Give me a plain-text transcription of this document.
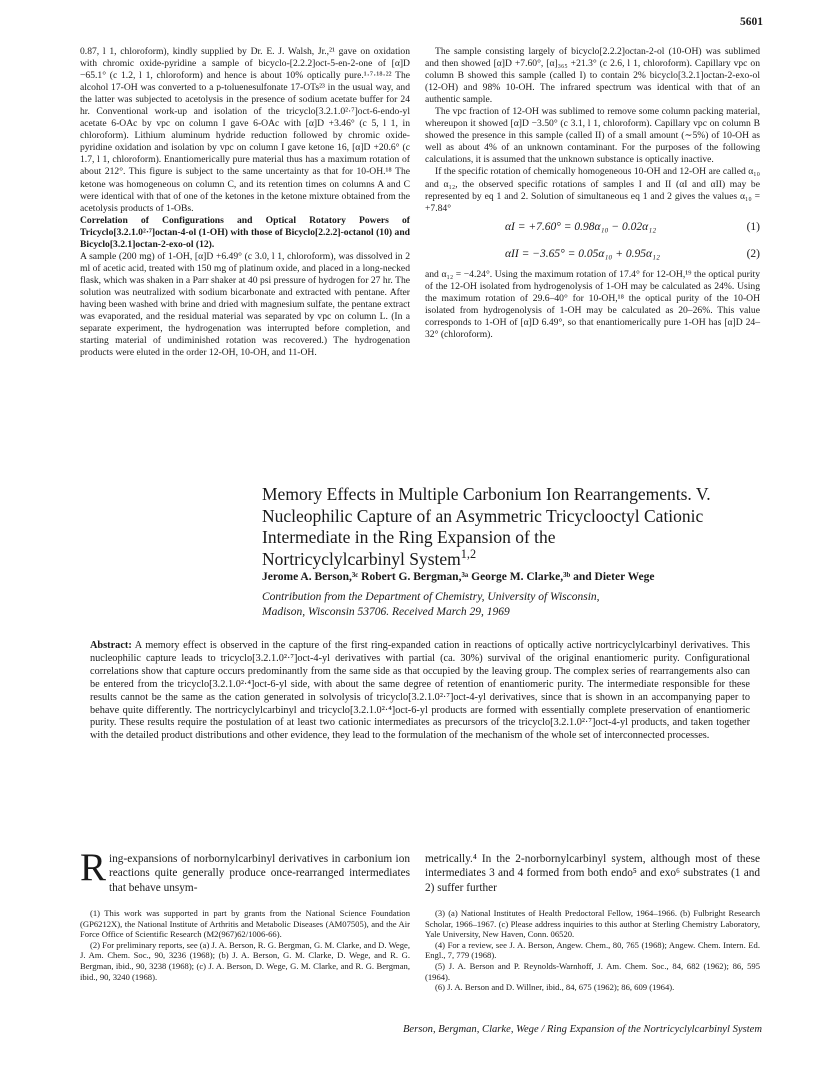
5601

0.87, l 1, chloroform), kindly supplied by Dr. E. J. Walsh, Jr.,²¹ gave on oxidation with chromic oxide-pyridine a sample of bicyclo-[2.2.2]oct-5-en-2-one of [α]D −65.1° (c 1.2, l 1, chloroform) and hence is about 10% optically pure.¹·⁷·¹⁸·²² The alcohol 17-OH was converted to a p-toluenesulfonate 17-OTs²³ in the usual way, and the latter was subjected to acetolysis in the presence of sodium acetate buffer for 24 hr. Conventional work-up and isolation of the tricyclo[3.2.1.0²·⁷]oct-6-endo-yl acetate 6-OAc by vpc on column I gave 6-OAc with [α]D +3.46° (c 5, l 1, in chloroform). Lithium aluminum hydride reduction followed by chromic oxide-pyridine oxidation and isolation by vpc on column I gave ketone 16, [α]D +20.6° (c 1.7, l 1, chloroform). Enantiomerically pure material thus has a maximum rotation of about 212°. This figure is subject to the same uncertainty as that for 10-OH.¹⁸ The ketone was homogeneous on column C, and its retention times on columns A and C were identical with that of one of the ketones in the ketone mixture obtained from the acetolysis products of 1-OBs.

Correlation of Configurations and Optical Rotatory Powers of Tricyclo[3.2.1.0²·⁷]octan-4-ol (1-OH) with those of Bicyclo[2.2.2]-octanol (10) and Bicyclo[3.2.1]octan-2-exo-ol (12).

A sample (200 mg) of 1-OH, [α]D +6.49° (c 3.0, l 1, chloroform), was dissolved in 2 ml of acetic acid, treated with 150 mg of platinum oxide, and placed in a long-necked flask, which was shaken in a Parr shaker at 40 psi pressure of hydrogen for 27 hr. The solution was neutralized with sodium bicarbonate and extracted with pentane. After having been washed with brine and dried with magnesium sulfate, the pentane extract was evaporated, and the residual material was separated by vpc on column L. (In a separate experiment, the hydrogenation was interrupted before completion, and starting material of undiminished rotation was recovered.) The hydrogenation products were eluted in the order 12-OH, 10-OH, and 11-OH.

The sample consisting largely of bicyclo[2.2.2]octan-2-ol (10-OH) was sublimed and then showed [α]D +7.60°, [α]₃₆₅ +21.3° (c 2.6, l 1, chloroform). Capillary vpc on column B showed this sample (called I) to contain 2% bicyclo[3.2.1]octan-2-exo-ol (12-OH) and 98% 10-OH. The infrared spectrum was identical with that of an authentic sample.

The vpc fraction of 12-OH was sublimed to remove some column packing material, whereupon it showed [α]D −3.50° (c 3.1, l 1, chloroform). Capillary vpc on column B showed the presence in this sample (called II) of a small amount (∼5%) of 10-OH as well as about 4% of an unknown contaminant. For the purposes of the following calculations, it is assumed that the unknown substance is optically inactive.

If the specific rotation of chemically homogeneous 10-OH and 12-OH are called α₁₀ and α₁₂, the observed specific rotations of samples I and II (αI and αII) may be represented by eq 1 and 2. Solution of simultaneous eq 1 and 2 gives the values α₁₀ = +7.84°

αI = +7.60° = 0.98α₁₀ − 0.02α₁₂	(1)
αII = −3.65° = 0.05α₁₀ + 0.95α₁₂	(2)

and α₁₂ = −4.24°. Using the maximum rotation of 17.4° for 12-OH,¹⁹ the optical purity of the 12-OH isolated from hydrogenolysis of 1-OH may be calculated as 24%. Using the maximum rotation of 29.6–40° for 10-OH,¹⁸ the optical purity of the 10-OH isolated from hydrogenolysis of 1-OH may be calculated as 20–26%. This value corresponds to 1-OH of [α]D 6.49°, so that enantiomerically pure 1-OH has [α]D 24–32° (chloroform).

Memory Effects in Multiple Carbonium Ion Rearrangements. V.
Nucleophilic Capture of an Asymmetric Tricyclooctyl Cationic
Intermediate in the Ring Expansion of the
Nortricyclylcarbinyl System$^{1,2}$
Jerome A. Berson,³ᶜ Robert G. Bergman,³ᵃ George M. Clarke,³ᵇ and Dieter Wege
Contribution from the Department of Chemistry, University of Wisconsin,
Madison, Wisconsin 53706. Received March 29, 1969
Abstract: A memory effect is observed in the capture of the first ring-expanded cation in reactions of optically active nortricyclylcarbinyl derivatives. This nucleophilic capture leads to tricyclo[3.2.1.0²·⁷]oct-4-yl derivatives with partial (ca. 30%) survival of the original enantiomeric purity. Configurational correlations show that capture occurs predominantly from the same side as that occupied by the leaving group. The complex series of rearrangements also can be entered from the tricyclo[3.2.1.0²·⁴]oct-6-yl side, with about the same degree of retention of enantiomeric purity. The intermediate responsible for these results cannot be the same as the cation generated in solvolysis of tricyclo[3.2.1.0²·⁷]oct-4-yl derivatives, since that is shown in an accompanying paper to behave quite differently. The nortricyclylcarbinyl and tricyclo[3.2.1.0²·⁴]oct-6-yl products are formed with essentially complete preservation of enantiomeric purity. These results require the postulation of at least two cationic intermediates as precursors of the tricyclo[3.2.1.0²·⁷]oct-4-yl products, and taken together with the detailed product distributions and other evidence, they lead to the formulation of the mechanism of the whole set of interconnected processes.
Ring-expansions of norbornylcarbinyl derivatives in carbonium ion reactions quite generally produce once-rearranged intermediates that behave unsym-
metrically.⁴ In the 2-norbornylcarbinyl system, although most of these intermediates 3 and 4 formed from both endo⁵ and exo⁶ substrates (1 and 2) suffer further

(1) This work was supported in part by grants from the National Science Foundation (GP6212X), the National Institute of Arthritis and Metabolic Diseases (AM07505), and the Air Force Office of Scientific Research (M2(967)62/1006-66).

(2) For preliminary reports, see (a) J. A. Berson, R. G. Bergman, G. M. Clarke, and D. Wege, J. Am. Chem. Soc., 90, 3236 (1968); (b) J. A. Berson, G. M. Clarke, D. Wege, and R. G. Bergman, ibid., 90, 3238 (1968); (c) J. A. Berson, D. Wege, G. M. Clarke, and R. G. Bergman, ibid., 90, 3240 (1968).

(3) (a) National Institutes of Health Predoctoral Fellow, 1964–1966. (b) Fulbright Research Scholar, 1966–1967. (c) Please address inquiries to this author at Sterling Chemistry Laboratory, Yale University, New Haven, Conn. 06520.

(4) For a review, see J. A. Berson, Angew. Chem., 80, 765 (1968); Angew. Chem. Intern. Ed. Engl., 7, 779 (1968).

(5) J. A. Berson and P. Reynolds-Warnhoff, J. Am. Chem. Soc., 84, 682 (1962); 86, 595 (1964).

(6) J. A. Berson and D. Willner, ibid., 84, 675 (1962); 86, 609 (1964).

Berson, Bergman, Clarke, Wege / Ring Expansion of the Nortricyclylcarbinyl System
